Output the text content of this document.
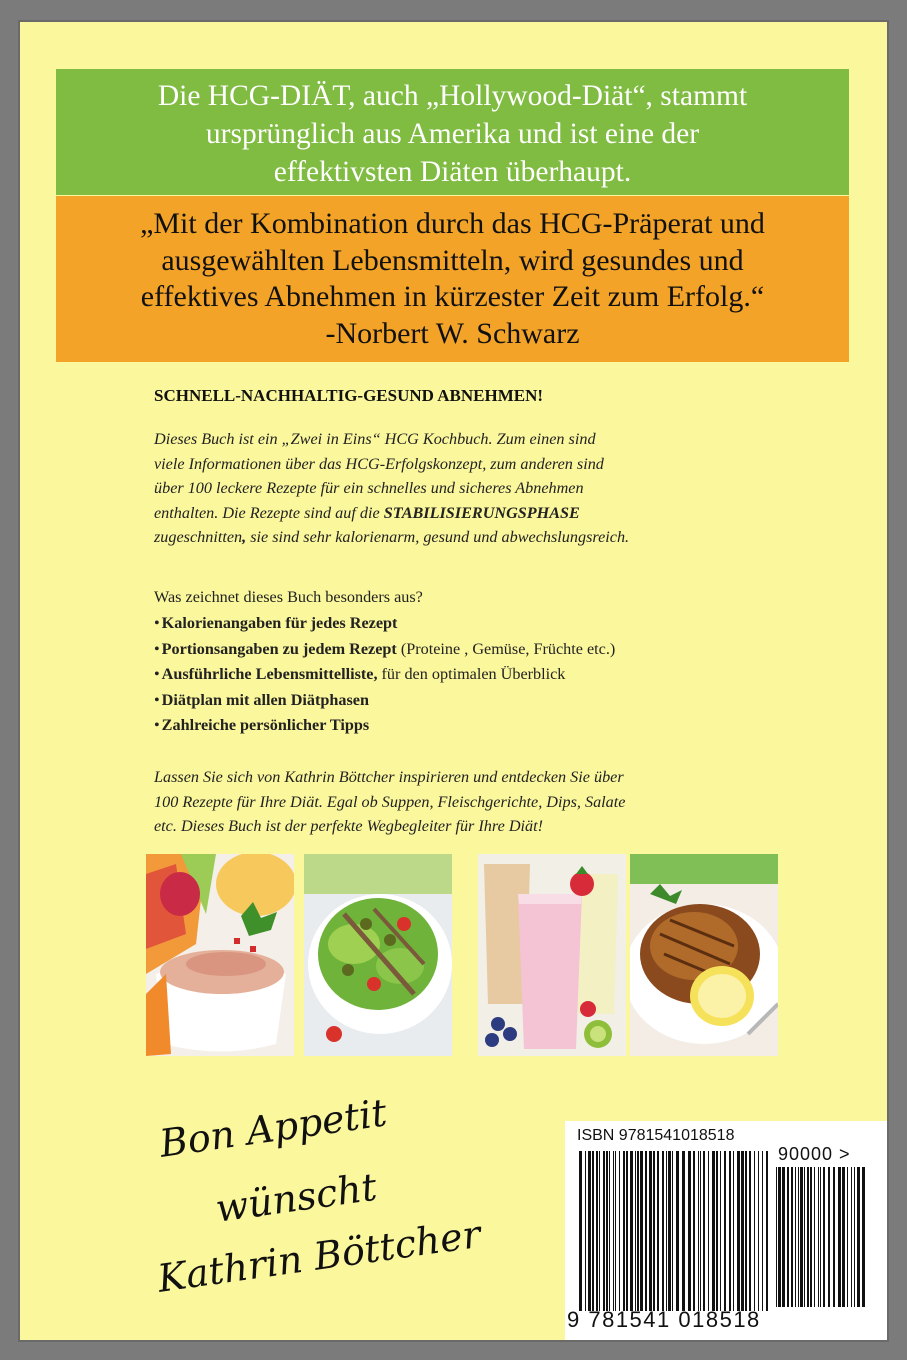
Die HCG-DIÄT, auch „Hollywood-Diät“, stammt
ursprünglich aus Amerika und ist eine der
effektivsten Diäten überhaupt.
„Mit der Kombination durch das HCG-Präperat und
ausgewählten Lebensmitteln, wird gesundes und
effektives Abnehmen in kürzester Zeit zum Erfolg.“
-Norbert W. Schwarz
SCHNELL-NACHHALTIG-GESUND ABNEHMEN!
Dieses Buch ist ein „Zwei in Eins“ HCG Kochbuch. Zum einen sind
viele Informationen über das HCG-Erfolgskonzept, zum anderen sind
über 100 leckere Rezepte für ein schnelles und sicheres Abnehmen
enthalten. Die Rezepte sind auf die STABILISIERUNGSPHASE
zugeschnitten, sie sind sehr kalorienarm, gesund und abwechslungsreich.
Was zeichnet dieses Buch besonders aus?
• Kalorienangaben für jedes Rezept
• Portionsangaben zu jedem Rezept (Proteine , Gemüse, Früchte etc.)
• Ausführliche Lebensmittelliste, für den optimalen Überblick
• Diätplan mit allen Diätphasen
• Zahlreiche persönlicher Tipps
Lassen Sie sich von Kathrin Böttcher inspirieren und entdecken Sie über
100 Rezepte für Ihre Diät. Egal ob Suppen, Fleischgerichte, Dips, Salate
etc. Dieses Buch ist der perfekte Wegbegleiter für Ihre Diät!
Bon Appetit
wünscht
Kathrin Böttcher
ISBN 9781541018518
90000 >
9 781541 018518
